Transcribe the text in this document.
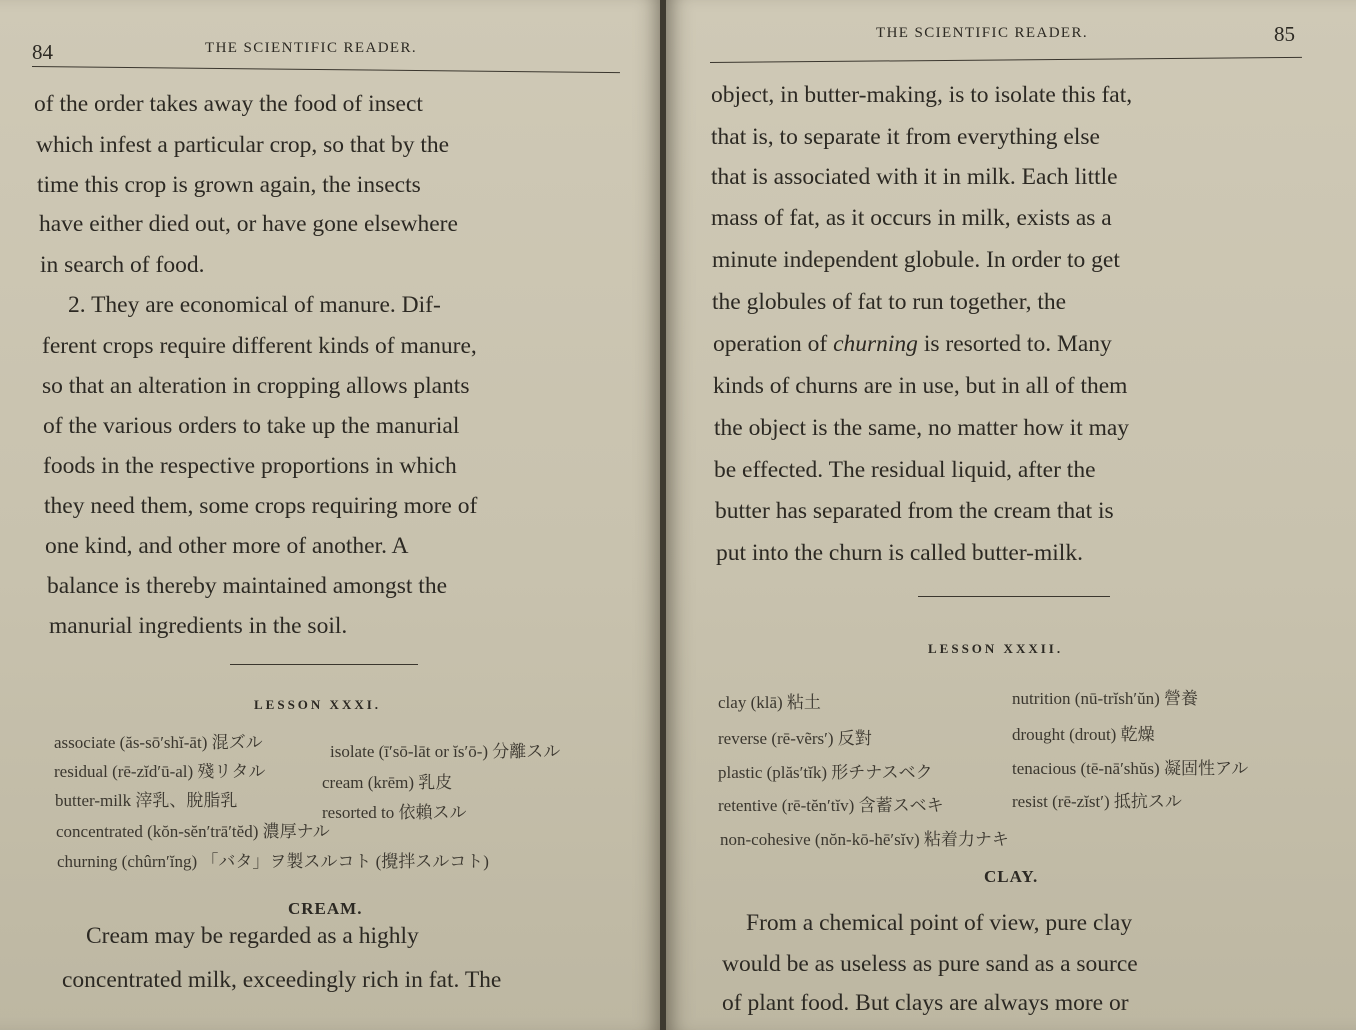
84	THE SCIENTIFIC READER.
of the order takes away the food of insect
which infest a particular crop, so that by the
time this crop is grown again, the insects
have either died out, or have gone elsewhere
in search of food.
2. They are economical of manure. Dif-
ferent crops require different kinds of manure,
so that an alteration in cropping allows plants
of the various orders to take up the manurial
foods in the respective proportions in which
they need them, some crops requiring more of
one kind, and other more of another. A
balance is thereby maintained amongst the
manurial ingredients in the soil.
LESSON XXXI.
associate (ăs-sō′shĭ-āt) 混ズル
residual (rē-zĭd′ū-al) 殘リタル
butter-milk 滓乳、脫脂乳
concentrated (kŏn-sĕn′trā′tĕd) 濃厚ナル
churning (chûrn′ĭng) 「バタ」ヲ製スルコト (攪拌スルコト)
isolate (ī′sō-lāt or ĭs′ō-) 分離スル
cream (krēm) 乳皮
resorted to 依賴スル
CREAM.
Cream may be regarded as a highly
concentrated milk, exceedingly rich in fat. The
THE SCIENTIFIC READER.	85
object, in butter-making, is to isolate this fat,
that is, to separate it from everything else
that is associated with it in milk. Each little
mass of fat, as it occurs in milk, exists as a
minute independent globule. In order to get
the globules of fat to run together, the
operation of churning is resorted to. Many
kinds of churns are in use, but in all of them
the object is the same, no matter how it may
be effected. The residual liquid, after the
butter has separated from the cream that is
put into the churn is called butter-milk.
LESSON XXXII.
clay (klā) 粘土
reverse (rē-vẽrs′) 反對
plastic (plăs′tĭk) 形チナスベク
retentive (rē-tĕn′tĭv) 含蓄スベキ
non-cohesive (nŏn-kō-hē′sĭv) 粘着力ナキ
nutrition (nū-trĭsh′ŭn) 營養
drought (drout) 乾燥
tenacious (tē-nā′shŭs) 凝固性アル
resist (rē-zĭst′) 抵抗スル
CLAY.
From a chemical point of view, pure clay
would be as useless as pure sand as a source
of plant food. But clays are always more or
